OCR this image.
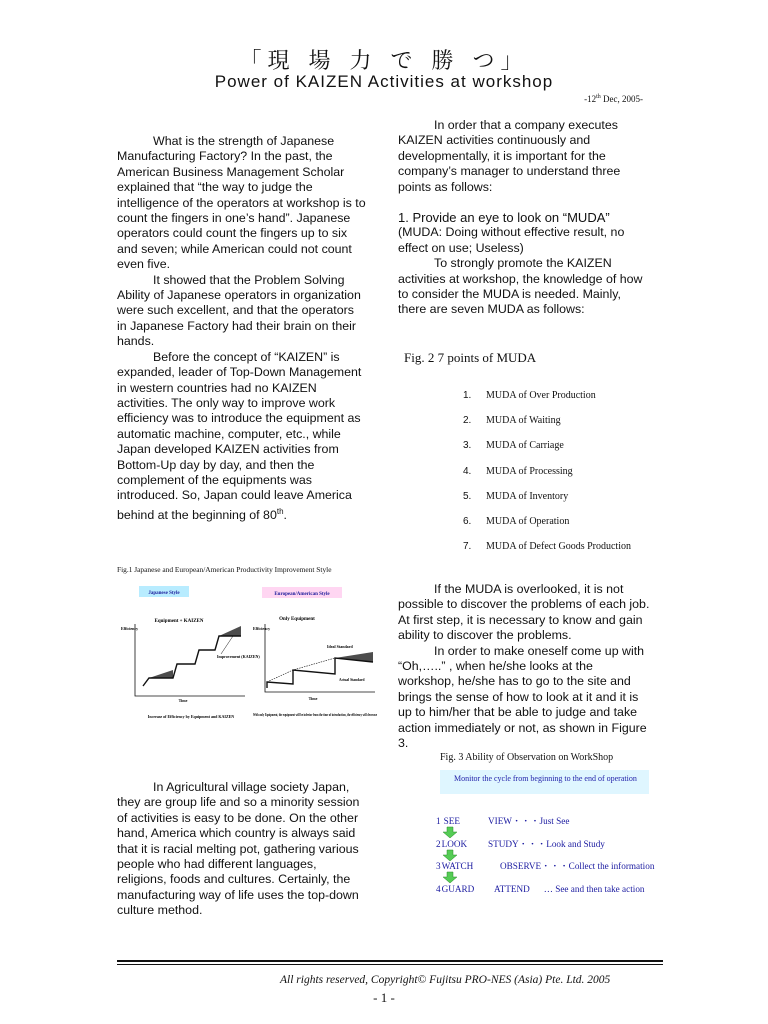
「現 場 力 で 勝 つ」
Power of KAIZEN Activities at workshop
-12th Dec, 2005-

What is the strength of Japanese Manufacturing Factory? In the past, the American Business Management Scholar explained that “the way to judge the intelligence of the operators at workshop is to count the fingers in one’s hand”. Japanese operators could count the fingers up to six and seven; while American could not count even five.

It showed that the Problem Solving Ability of Japanese operators in organization were such excellent, and that the operators in Japanese Factory had their brain on their hands.

Before the concept of “KAIZEN” is expanded, leader of Top-Down Management in western countries had no KAIZEN activities. The only way to improve work efficiency was to introduce the equipment as automatic machine, computer, etc., while Japan developed KAIZEN activities from Bottom-Up day by day, and then the complement of the equipments was introduced. So, Japan could leave America behind at the beginning of 80th.

Fig.1 Japanese and European/American Productivity Improvement Style
Japanese Style
Equipment + KAIZEN
Efficiency
Improvement (KAIZEN)
Time
Increase of Efficiency by Equipment and KAIZEN
European/American Style
Only Equipment
Efficiency
Ideal Standard
Actual Standard
Time
With only Equipment, the equipment will be inferior from the time of introduction, the efficiency will decrease

In Agricultural village society Japan, they are group life and so a minority session of activities is easy to be done. On the other hand, America which country is always said that it is racial melting pot, gathering various people who had different languages, religions, foods and cultures. Certainly, the manufacturing way of life uses the top-down culture method.

In order that a company executes KAIZEN activities continuously and developmentally, it is important for the company’s manager to understand three points as follows:

1. Provide an eye to look on “MUDA”

(MUDA: Doing without effective result, no effect on use; Useless)

To strongly promote the KAIZEN activities at workshop, the knowledge of how to consider the MUDA is needed. Mainly, there are seven MUDA as follows:

Fig. 2 7 points of MUDA
1.	MUDA of Over Production
2.	MUDA of Waiting
3.	MUDA of Carriage
4.	MUDA of Processing
5.	MUDA of Inventory
6.	MUDA of Operation
7.	MUDA of Defect Goods Production

If the MUDA is overlooked, it is not possible to discover the problems of each job. At first step, it is necessary to know and gain ability to discover the problems.

In order to make oneself come up with “Oh,…..” , when he/she looks at the workshop, he/she has to go to the site and brings the sense of how to look at it and it is up to him/her that be able to judge and take action immediately or not, as shown in Figure 3.

Fig. 3 Ability of Observation on WorkShop
Monitor the cycle from beginning to the end of operation
1 SEE	VIEW・・・Just See
2LOOK STUDY・・・Look and Study
3WATCH	OBSERVE・・・Collect the information
4GUARD ATTEND … See and then take action
All rights reserved, Copyright© Fujitsu PRO-NES (Asia) Pte. Ltd. 2005
- 1 -
